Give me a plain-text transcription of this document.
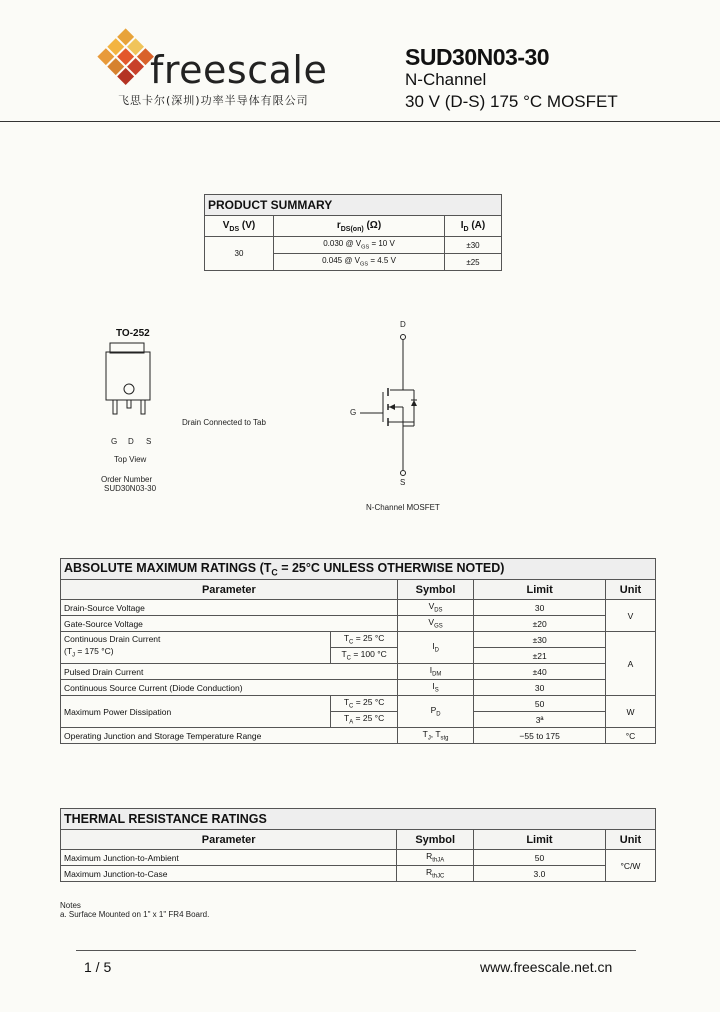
freescale
飞思卡尔(深圳)功率半导体有限公司
SUD30N03-30
N-Channel
30 V (D-S) 175 °C MOSFET
PRODUCT SUMMARY		
$V_{DS}$ (V)	$r_{DS(on)}$ (Ω)	$I_D$ (A)
30	0.030 @ $V_{GS} = 10$ V	±30
	0.045 @ $V_{GS} = 4.5$ V	±25
TO-252
G D S
Top View
Order Number
SUD30N03-30
Drain Connected to Tab
D
G
S
N-Channel MOSFET
ABSOLUTE MAXIMUM RATINGS ($T_C = 25^\circ C$ UNLESS OTHERWISE NOTED)				
Parameter		Symbol	Limit	Unit
Drain-Source Voltage		$V_{DS}$	30	V
Gate-Source Voltage		$V_{GS}$	±20	
Continuous Drain Current
($T_J = 175$ °C)	$T_C = 25$ °C	$I_D$	±30	A
	$T_C = 100$ °C		±21	
Pulsed Drain Current		$I_{DM}$	±40	
Continuous Source Current (Diode Conduction)		$I_S$	30	
Maximum Power Dissipation	$T_C = 25$ °C	$P_D$	50	W
	$T_A = 25$ °C		3ª	
Operating Junction and Storage Temperature Range		$T_J$, $T_{stg}$	−55 to 175	°C
THERMAL RESISTANCE RATINGS			
Parameter	Symbol	Limit	Unit
Maximum Junction-to-Ambient	$R_{thJA}$	50	°C/W
Maximum Junction-to-Case	$R_{thJC}$	3.0	
Notes
a. Surface Mounted on 1" x 1" FR4 Board.
1 / 5	www.freescale.net.cn
